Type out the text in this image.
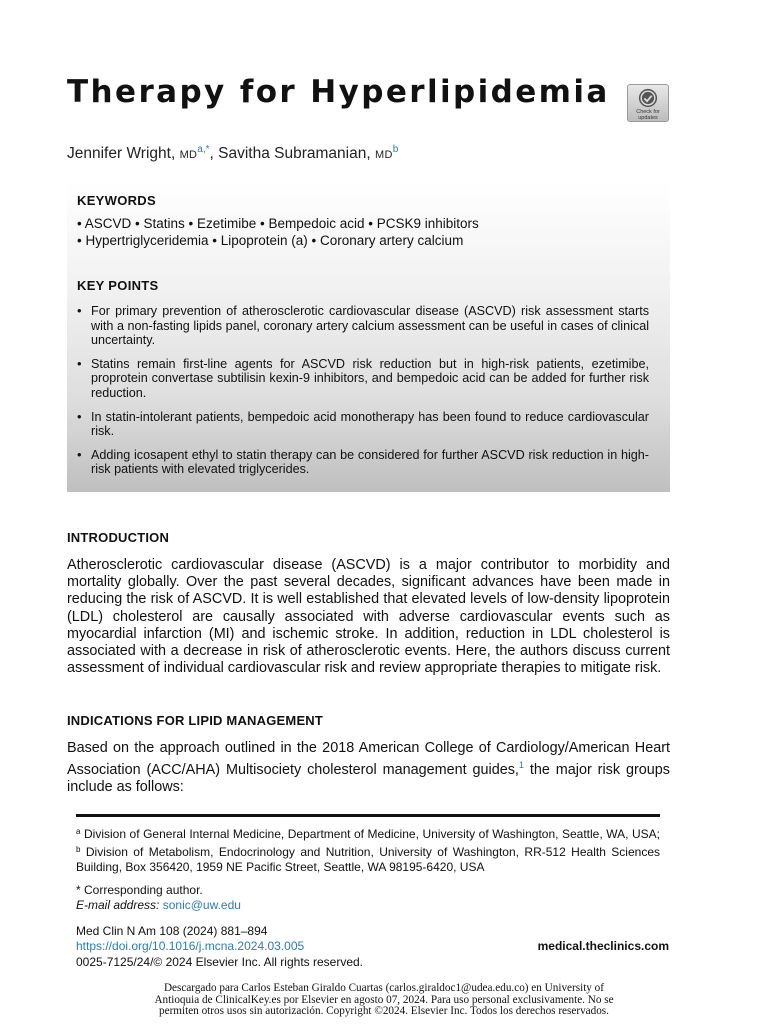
Therapy for Hyperlipidemia
Check for updates
Jennifer Wright, $MD^{a,*}$, Savitha Subramanian, $MD^b$
KEYWORDS
• ASCVD • Statins • Ezetimibe • Bempedoic acid • PCSK9 inhibitors
• Hypertriglyceridemia • Lipoprotein (a) • Coronary artery calcium
KEY POINTS
• For primary prevention of atherosclerotic cardiovascular disease (ASCVD) risk assessment starts with a non-fasting lipids panel, coronary artery calcium assessment can be useful in cases of clinical uncertainty.
• Statins remain first-line agents for ASCVD risk reduction but in high-risk patients, ezetimibe, proprotein convertase subtilisin kexin-9 inhibitors, and bempedoic acid can be added for further risk reduction.
• In statin-intolerant patients, bempedoic acid monotherapy has been found to reduce cardiovascular risk.
• Adding icosapent ethyl to statin therapy can be considered for further ASCVD risk reduction in high-risk patients with elevated triglycerides.
INTRODUCTION

Atherosclerotic cardiovascular disease (ASCVD) is a major contributor to morbidity and mortality globally. Over the past several decades, significant advances have been made in reducing the risk of ASCVD. It is well established that elevated levels of low-density lipoprotein (LDL) cholesterol are causally associated with adverse cardiovascular events such as myocardial infarction (MI) and ischemic stroke. In addition, reduction in LDL cholesterol is associated with a decrease in risk of atherosclerotic events. Here, the authors discuss current assessment of individual cardiovascular risk and review appropriate therapies to mitigate risk.

INDICATIONS FOR LIPID MANAGEMENT

Based on the approach outlined in the 2018 American College of Cardiology/American Heart Association (ACC/AHA) Multisociety cholesterol management guides,$^1$ the major risk groups include as follows:

$^a$ Division of General Internal Medicine, Department of Medicine, University of Washington, Seattle, WA, USA; $^b$ Division of Metabolism, Endocrinology and Nutrition, University of Washington, RR-512 Health Sciences Building, Box 356420, 1959 NE Pacific Street, Seattle, WA 98195-6420, USA

* Corresponding author.
E-mail address: sonic@uw.edu
Med Clin N Am 108 (2024) 881–894
https://doi.org/10.1016/j.mcna.2024.03.005
0025-7125/24/© 2024 Elsevier Inc. All rights reserved.
medical.theclinics.com
Descargado para Carlos Esteban Giraldo Cuartas (carlos.giraldoc1@udea.edu.co) en University of
Antioquia de ClinicalKey.es por Elsevier en agosto 07, 2024. Para uso personal exclusivamente. No se
permiten otros usos sin autorización. Copyright ©2024. Elsevier Inc. Todos los derechos reservados.
